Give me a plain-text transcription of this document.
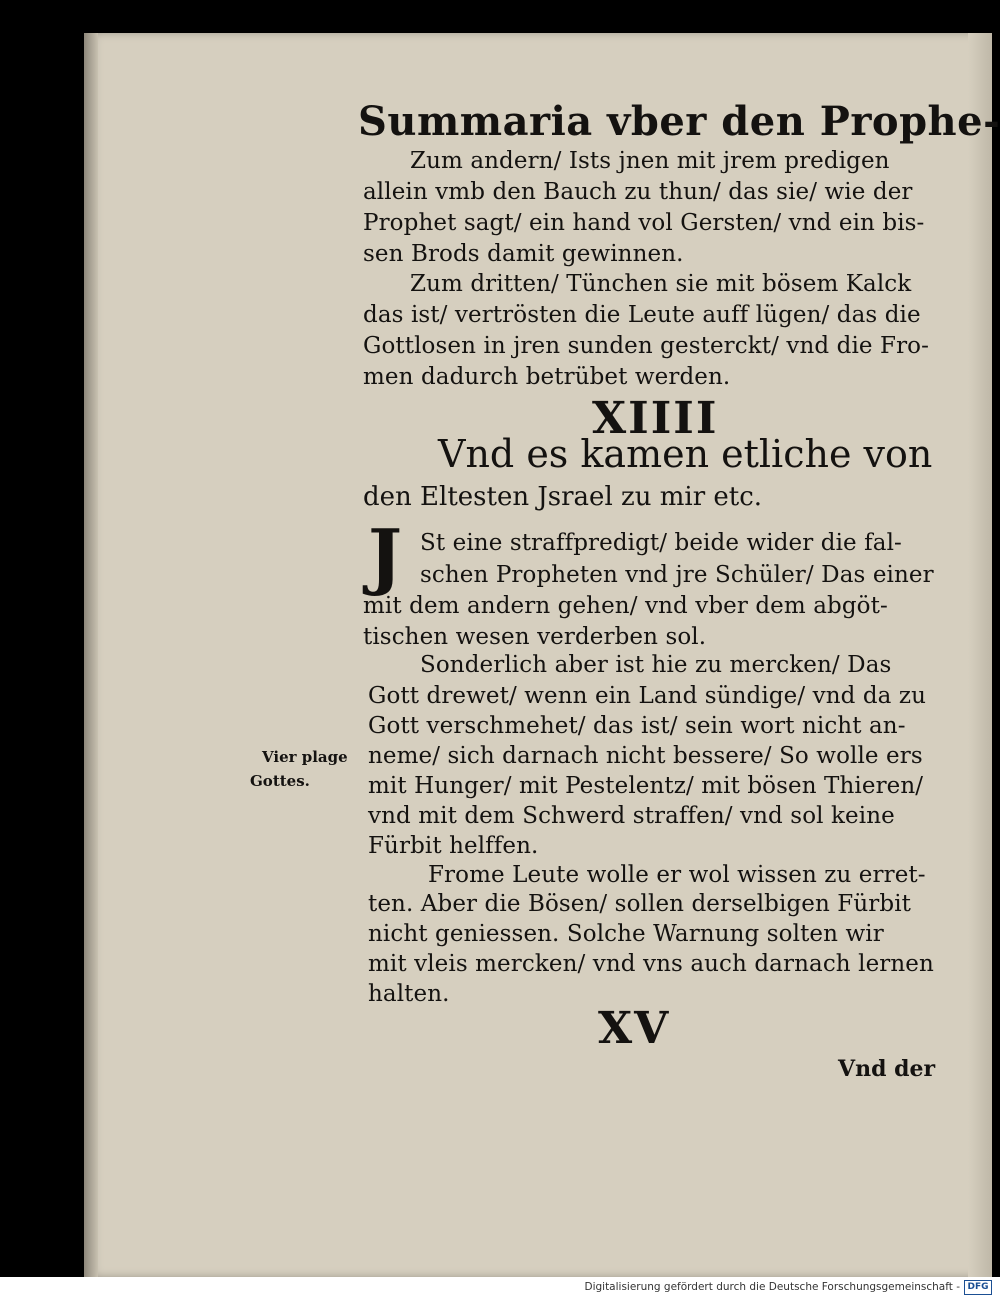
Summaria vber den Prophe-
Zum andern/ Ists jnen mit jrem predigen
allein vmb den Bauch zu thun/ das sie/ wie der
Prophet sagt/ ein hand vol Gersten/ vnd ein bis-
sen Brods damit gewinnen.
Zum dritten/ Tünchen sie mit bösem Kalck
das ist/ vertrösten die Leute auff lügen/ das die
Gottlosen in jren sunden gesterckt/ vnd die Fro-
men dadurch betrübet werden.
XIIII
Vnd es kamen etliche von
den Eltesten Jsrael zu mir etc.
J St eine straffpredigt/ beide wider die fal-
schen Propheten vnd jre Schüler/ Das einer
mit dem andern gehen/ vnd vber dem abgöt-
tischen wesen verderben sol.
Sonderlich aber ist hie zu mercken/ Das
Gott drewet/ wenn ein Land sündige/ vnd da zu
Gott verschmehet/ das ist/ sein wort nicht an-
neme/ sich darnach nicht bessere/ So wolle ers
mit Hunger/ mit Pestelentz/ mit bösen Thieren/
vnd mit dem Schwerd straffen/ vnd sol keine
Fürbit helffen.
Vier plage
Gottes.
Frome Leute wolle er wol wissen zu erret-
ten. Aber die Bösen/ sollen derselbigen Fürbit
nicht geniessen. Solche Warnung solten wir
mit vleis mercken/ vnd vns auch darnach lernen
halten.
XV
Vnd der
Digitalisierung gefördert durch die Deutsche Forschungsgemeinschaft - DFG
